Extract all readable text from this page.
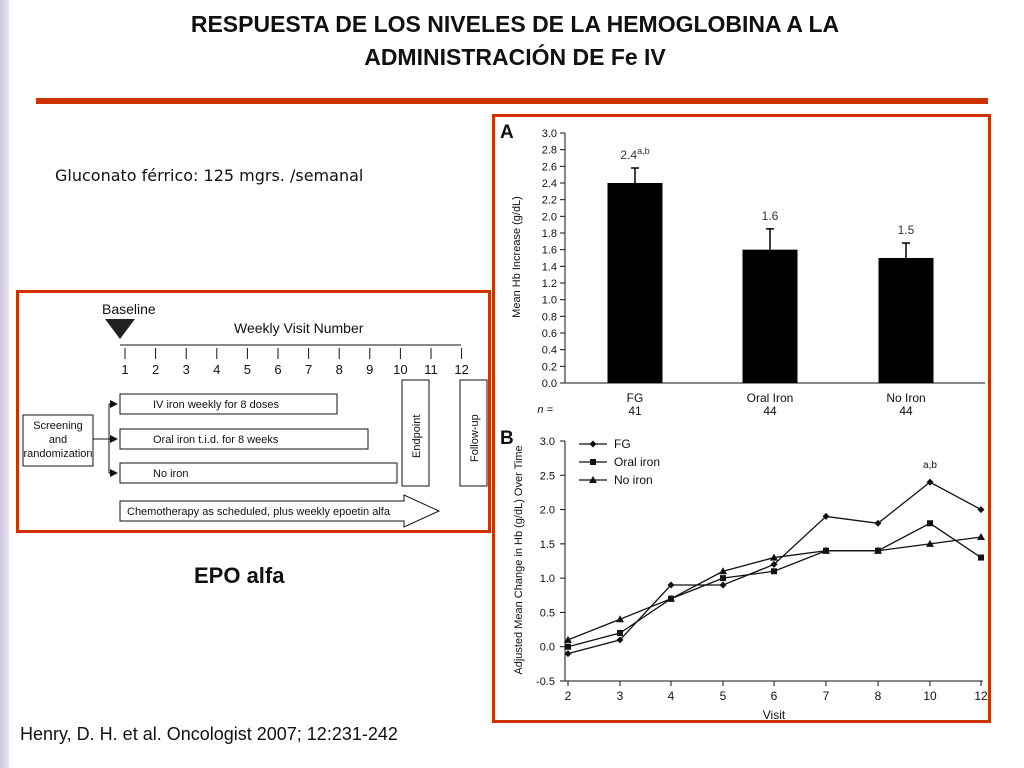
RESPUESTA DE LOS NIVELES DE LA HEMOGLOBINA A LA
ADMINISTRACIÓN DE Fe IV
Gluconato férrico: 125 mgrs. /semanal
Baseline
Weekly Visit Number
1 2 3 4 5 6 7 8 9 10 11 12
Screening
and
randomization
IV iron weekly for 8 doses
Oral iron t.i.d. for 8 weeks
No iron
Chemotherapy as scheduled, plus weekly epoetin alfa
Endpoint	Follow-up
EPO alfa
A
Mean Hb Increase (g/dL)
0.0
0.2
0.4
0.6
0.8
1.0
1.2
1.4
1.6
1.8
2.0
2.2
2.4
2.6
2.8
3.0
2.4$^{a,b}$
FG
41
1.6
Oral Iron
44
1.5
No Iron
44
n =
B
Adjusted Mean Change in Hb (g/dL) Over Time
-0.5
0.0
0.5
1.0
1.5
2.0
2.5
3.0
2	3	4	5	6	7	8	10	12
FG
Oral iron
No iron
Visit
a,b
Henry, D. H. et al. Oncologist 2007; 12:231-242
